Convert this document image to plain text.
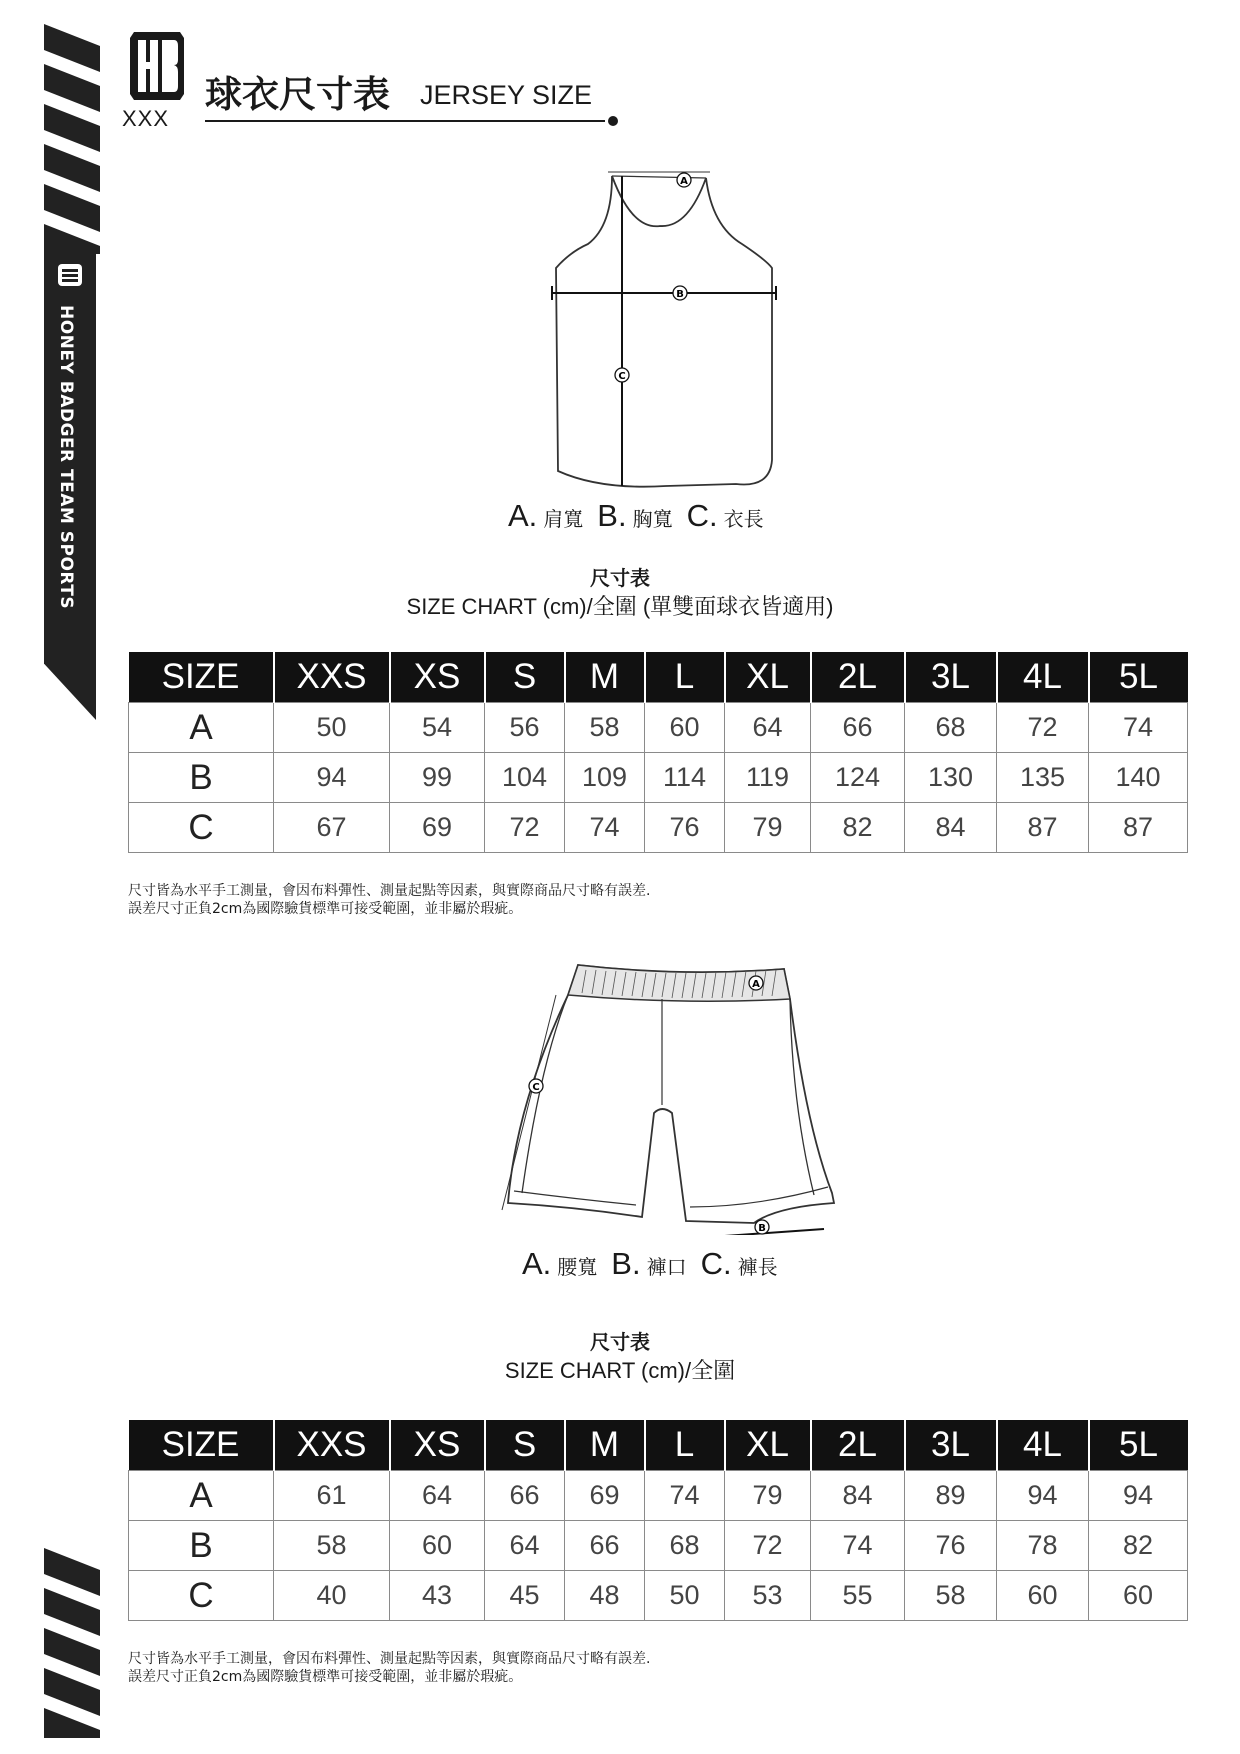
HONEY BADGER TEAM SPORTS
XXX
球衣尺寸表 JERSEY SIZE
A
B
C
A. 肩寬 B. 胸寬 C. 衣長
尺寸表
SIZE CHART (cm)/全圍 (單雙面球衣皆適用)
SIZE	XXS	XS	S	M	L	XL	2L	3L	4L	5L
A	50	54	56	58	60	64	66	68	72	74
B	94	99	104	109	114	119	124	130	135	140
C	67	69	72	74	76	79	82	84	87	87
尺寸皆為水平手工測量，會因布料彈性、測量起點等因素，與實際商品尺寸略有誤差.
誤差尺寸正負2cm為國際驗貨標準可接受範圍，並非屬於瑕疵。
A
B
C
A. 腰寬 B. 褲口 C. 褲長
尺寸表
SIZE CHART (cm)/全圍
SIZE	XXS	XS	S	M	L	XL	2L	3L	4L	5L
A	61	64	66	69	74	79	84	89	94	94
B	58	60	64	66	68	72	74	76	78	82
C	40	43	45	48	50	53	55	58	60	60
尺寸皆為水平手工測量，會因布料彈性、測量起點等因素，與實際商品尺寸略有誤差.
誤差尺寸正負2cm為國際驗貨標準可接受範圍，並非屬於瑕疵。
